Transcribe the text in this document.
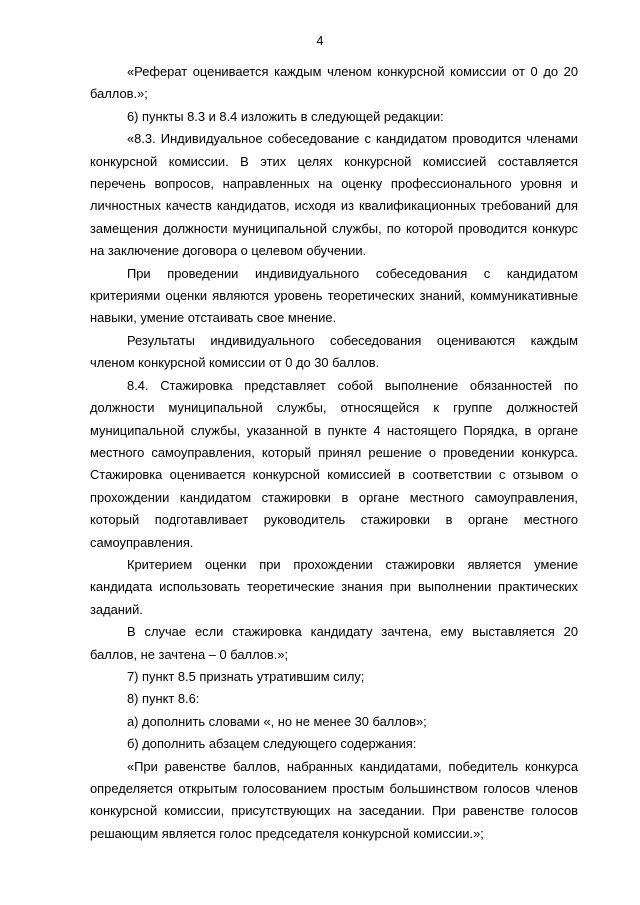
4

«Реферат оценивается каждым членом конкурсной комиссии от 0 до 20 баллов.»;

6) пункты 8.3 и 8.4 изложить в следующей редакции:

«8.3. Индивидуальное собеседование с кандидатом проводится членами конкурсной комиссии. В этих целях конкурсной комиссией составляется перечень вопросов, направленных на оценку профессионального уровня и личностных качеств кандидатов, исходя из квалификационных требований для замещения должности муниципальной службы, по которой проводится конкурс на заключение договора о целевом обучении.

При проведении индивидуального собеседования с кандидатом критериями оценки являются уровень теоретических знаний, коммуникативные навыки, умение отстаивать свое мнение.

Результаты индивидуального собеседования оцениваются каждым членом конкурсной комиссии от 0 до 30 баллов.

8.4. Стажировка представляет собой выполнение обязанностей по должности муниципальной службы, относящейся к группе должностей муниципальной службы, указанной в пункте 4 настоящего Порядка, в органе местного самоуправления, который принял решение о проведении конкурса. Стажировка оценивается конкурсной комиссией в соответствии с отзывом о прохождении кандидатом стажировки в органе местного самоуправления, который подготавливает руководитель стажировки в органе местного самоуправления.

Критерием оценки при прохождении стажировки является умение кандидата использовать теоретические знания при выполнении практических заданий.

В случае если стажировка кандидату зачтена, ему выставляется 20 баллов, не зачтена – 0 баллов.»;

7) пункт 8.5 признать утратившим силу;

8) пункт 8.6:

а) дополнить словами «, но не менее 30 баллов»;

б) дополнить абзацем следующего содержания:

«При равенстве баллов, набранных кандидатами, победитель конкурса определяется открытым голосованием простым большинством голосов членов конкурсной комиссии, присутствующих на заседании. При равенстве голосов решающим является голос председателя конкурсной комиссии.»;
